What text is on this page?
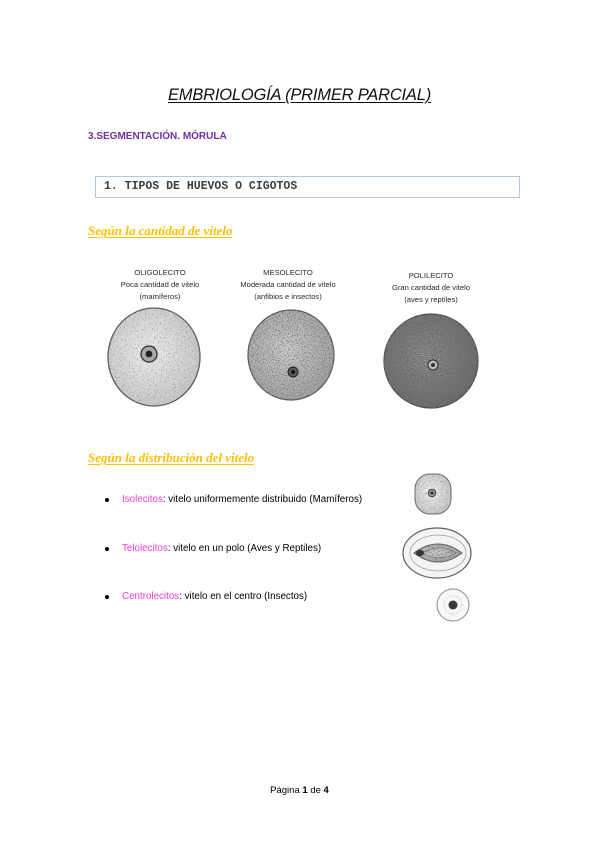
EMBRIOLOGÍA (PRIMER PARCIAL)
3.SEGMENTACIÓN. MÓRULA
1. TIPOS DE HUEVOS O CIGOTOS
Según la cantidad de vitelo
OLIGOLECITO
Poca cantidad de vitelo
(mamíferos)
MESOLECITO
Moderada cantidad de vitelo
(anfibios e insectos)
POLILECITO
Gran cantidad de vitelo
(aves y reptiles)
Según la distribución del vitelo
Isolecitos: vitelo uniformemente distribuido (Mamíferos)
Telolecitos: vitelo en un polo (Aves y Reptiles)
Centrolecitos: vitelo en el centro (Insectos)
Página 1 de 4
